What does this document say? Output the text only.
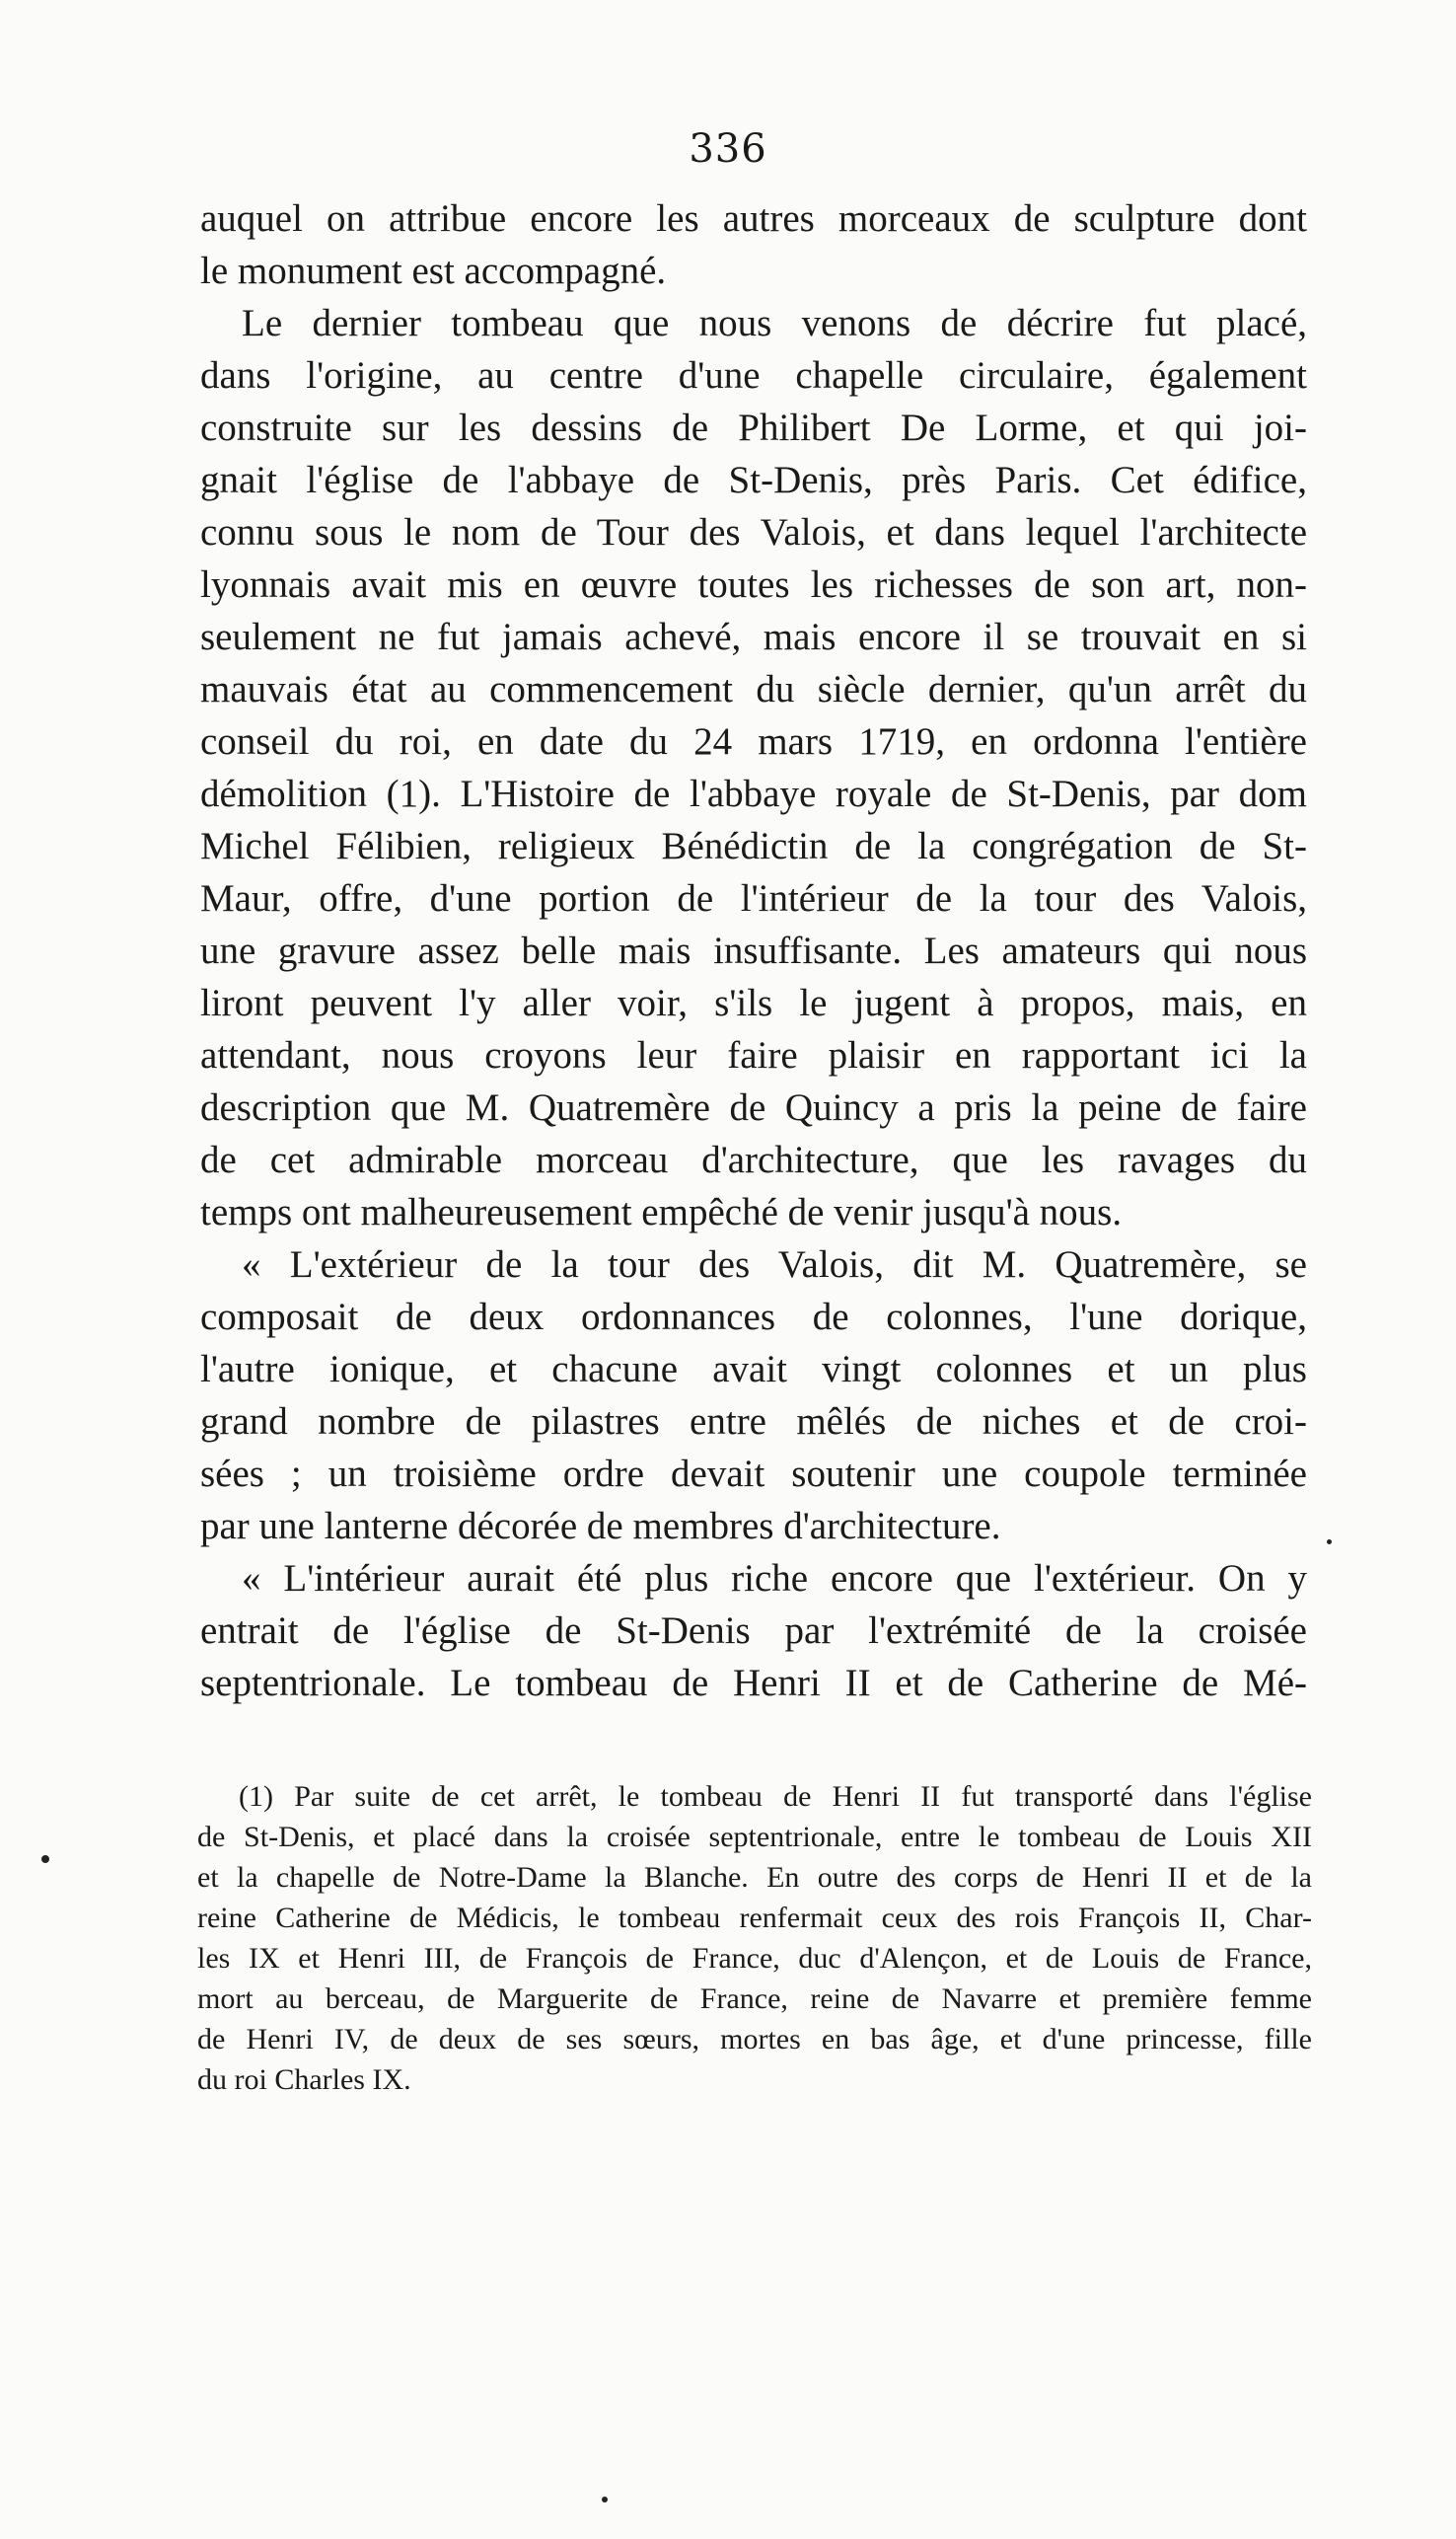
336
auquel on attribue encore les autres morceaux de sculpture dont
le monument est accompagné.
Le dernier tombeau que nous venons de décrire fut placé,
dans l'origine, au centre d'une chapelle circulaire, également
construite sur les dessins de Philibert De Lorme, et qui joi-
gnait l'église de l'abbaye de St-Denis, près Paris. Cet édifice,
connu sous le nom de Tour des Valois, et dans lequel l'architecte
lyonnais avait mis en œuvre toutes les richesses de son art, non-
seulement ne fut jamais achevé, mais encore il se trouvait en si
mauvais état au commencement du siècle dernier, qu'un arrêt du
conseil du roi, en date du 24 mars 1719, en ordonna l'entière
démolition (1). L'Histoire de l'abbaye royale de St-Denis, par dom
Michel Félibien, religieux Bénédictin de la congrégation de St-
Maur, offre, d'une portion de l'intérieur de la tour des Valois,
une gravure assez belle mais insuffisante. Les amateurs qui nous
liront peuvent l'y aller voir, s'ils le jugent à propos, mais, en
attendant, nous croyons leur faire plaisir en rapportant ici la
description que M. Quatremère de Quincy a pris la peine de faire
de cet admirable morceau d'architecture, que les ravages du
temps ont malheureusement empêché de venir jusqu'à nous.
« L'extérieur de la tour des Valois, dit M. Quatremère, se
composait de deux ordonnances de colonnes, l'une dorique,
l'autre ionique, et chacune avait vingt colonnes et un plus
grand nombre de pilastres entre mêlés de niches et de croi-
sées ; un troisième ordre devait soutenir une coupole terminée
par une lanterne décorée de membres d'architecture.
« L'intérieur aurait été plus riche encore que l'extérieur. On y
entrait de l'église de St-Denis par l'extrémité de la croisée
septentrionale. Le tombeau de Henri II et de Catherine de Mé-
(1) Par suite de cet arrêt, le tombeau de Henri II fut transporté dans l'église
de St-Denis, et placé dans la croisée septentrionale, entre le tombeau de Louis XII
et la chapelle de Notre-Dame la Blanche. En outre des corps de Henri II et de la
reine Catherine de Médicis, le tombeau renfermait ceux des rois François II, Char-
les IX et Henri III, de François de France, duc d'Alençon, et de Louis de France,
mort au berceau, de Marguerite de France, reine de Navarre et première femme
de Henri IV, de deux de ses sœurs, mortes en bas âge, et d'une princesse, fille
du roi Charles IX.
